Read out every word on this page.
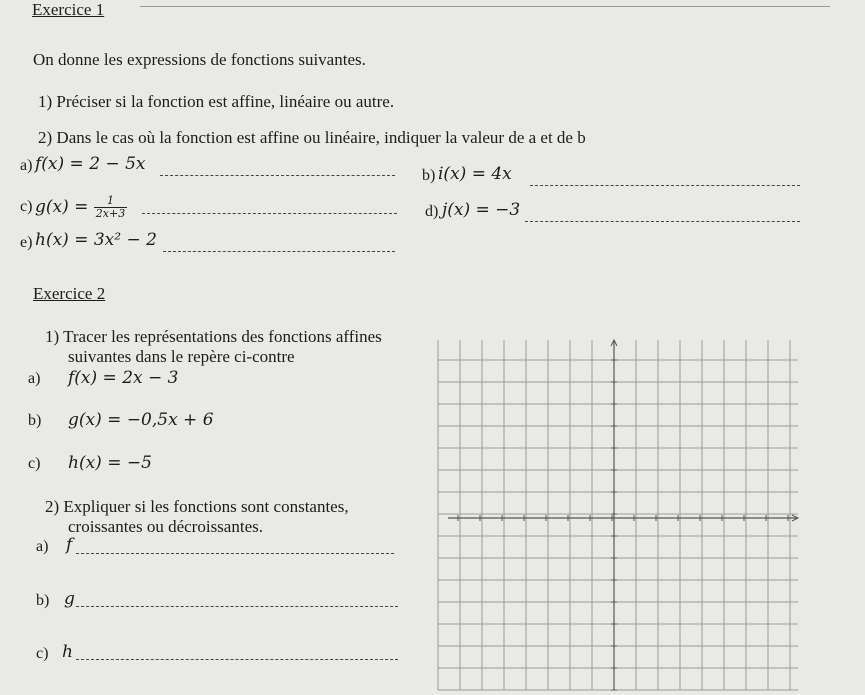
Exercice 1
On donne les expressions de fonctions suivantes.
1) Préciser si la fonction est affine, linéaire ou autre.
2) Dans le cas où la fonction est affine ou linéaire, indiquer la valeur de a et de b
a) f(x) = 2 − 5x
b) i(x) = 4x
c) $g(x) = \frac{1}{2x+3}$	d) j(x) = −3
e) h(x) = 3x² − 2
Exercice 2
1) Tracer les représentations des fonctions affines
suivantes dans le repère ci-contre
a) f(x) = 2x − 3
b) g(x) = −0,5x + 6
c) h(x) = −5
2) Expliquer si les fonctions sont constantes,
croissantes ou décroissantes.
a) f
b) g
c) h
